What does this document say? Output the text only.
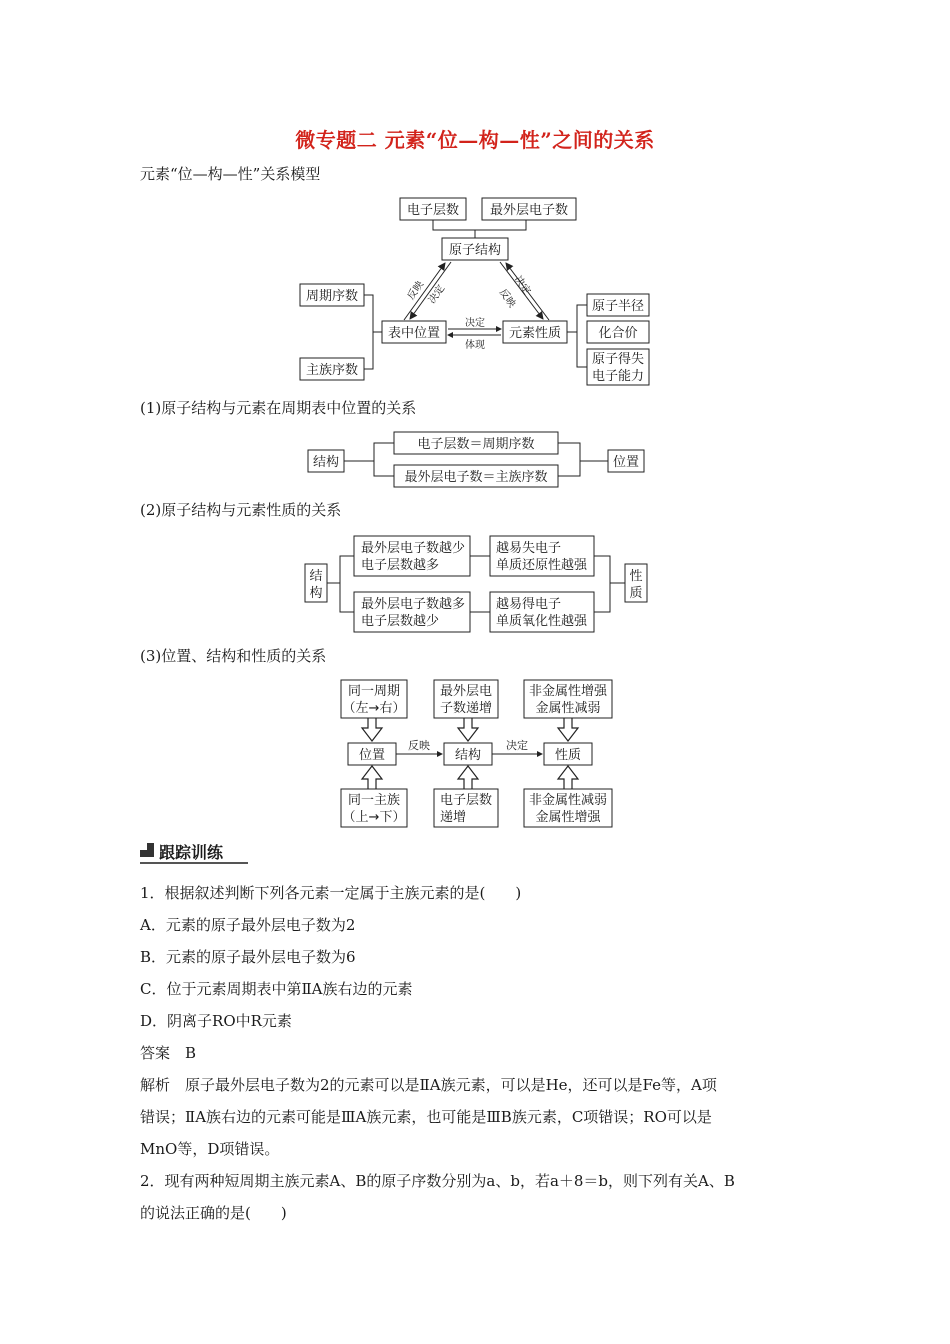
微专题二 元素“位—构—性”之间的关系
元素“位—构—性”关系模型
电子层数 最外层电子数
原子结构
周期序数
主族序数
表中位置	元素性质
原子半径
化合价
原子得失
电子能力
反映 决定	决定
反映
决定
体现
结构
电子层数＝周期序数
最外层电子数＝主族序数
位置
结
构
最外层电子数越少
电子层数越多
越易失电子
单质还原性越强
最外层电子数越多
电子层数越少
越易得电子
单质氧化性越强
性
质
同一周期
（左→右）
最外层电
子数递增
非金属性增强
金属性减弱
位置	结构	性质
同一主族
（上→下）
电子层数
递增
非金属性减弱
金属性增强
反映	决定
(1)原子结构与元素在周期表中位置的关系
(2)原子结构与元素性质的关系
(3)位置、结构和性质的关系
跟踪训练
1．根据叙述判断下列各元素一定属于主族元素的是(　　)
A．元素的原子最外层电子数为2
B．元素的原子最外层电子数为6
C．位于元素周期表中第ⅡA族右边的元素
D．阴离子RO中R元素
答案　B
解析　原子最外层电子数为2的元素可以是ⅡA族元素，可以是He，还可以是Fe等，A项
错误；ⅡA族右边的元素可能是ⅢA族元素，也可能是ⅢB族元素，C项错误；RO可以是
MnO等，D项错误。
2．现有两种短周期主族元素A、B的原子序数分别为a、b，若a＋8＝b，则下列有关A、B
的说法正确的是(　　)
